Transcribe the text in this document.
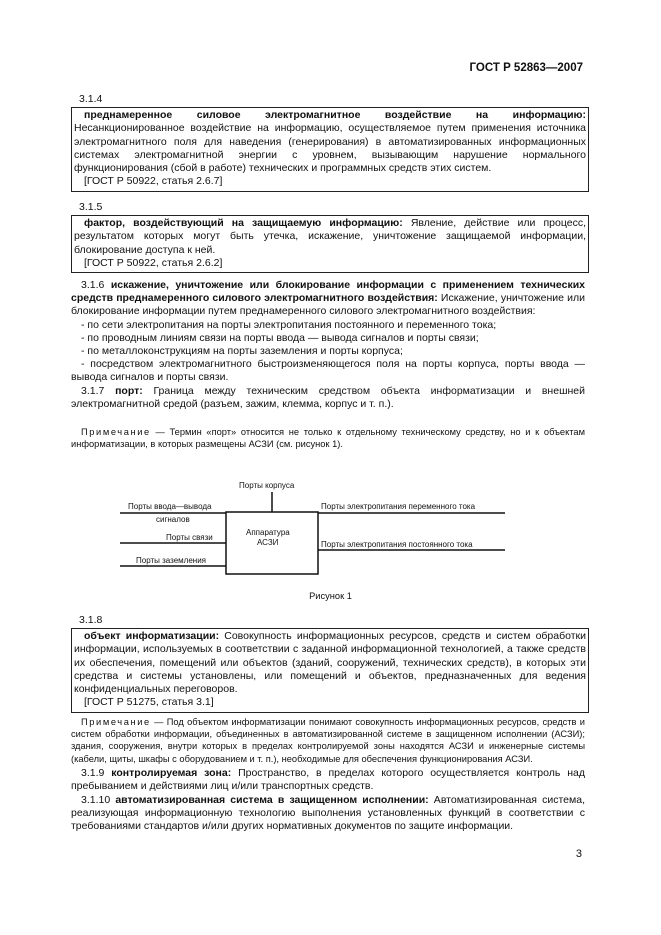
ГОСТ Р 52863—2007
3.1.4

преднамеренное силовое электромагнитное воздействие на информацию: Несанкционированное воздействие на информацию, осуществляемое путем применения источника электромагнитного поля для наведения (генерирования) в автоматизированных информационных системах электромагнитной энергии с уровнем, вызывающим нарушение нормального функционирования (сбой в работе) технических и программных средств этих систем.

[ГОСТ Р 50922, статья 2.6.7]

3.1.5

фактор, воздействующий на защищаемую информацию: Явление, действие или процесс, результатом которых могут быть утечка, искажение, уничтожение защищаемой информации, блокирование доступа к ней.

[ГОСТ Р 50922, статья 2.6.2]

3.1.6 искажение, уничтожение или блокирование информации с применением технических средств преднамеренного силового электромагнитного воздействия: Искажение, уничтожение или блокирование информации путем преднамеренного силового электромагнитного воздействия:

- по сети электропитания на порты электропитания постоянного и переменного тока;

- по проводным линиям связи на порты ввода — вывода сигналов и порты связи;

- по металлоконструкциям на порты заземления и порты корпуса;

- посредством электромагнитного быстроизменяющегося поля на порты корпуса, порты ввода — вывода сигналов и порты связи.

3.1.7 порт: Граница между техническим средством объекта информатизации и внешней электромагнитной средой (разъем, зажим, клемма, корпус и т. п.).

Примечание — Термин «порт» относится не только к отдельному техническому средству, но и к объектам информатизации, в которых размещены АСЗИ (см. рисунок 1).

Порты корпуса
Порты ввода—вывода
сигналов
Порты связи
Порты заземления
Аппаратура
АСЗИ
Порты электропитания переменного тока
Порты электропитания постоянного тока
Рисунок 1
3.1.8

объект информатизации: Совокупность информационных ресурсов, средств и систем обработки информации, используемых в соответствии с заданной информационной технологией, а также средств их обеспечения, помещений или объектов (зданий, сооружений, технических средств), в которых эти средства и системы установлены, или помещений и объектов, предназначенных для ведения конфиденциальных переговоров.

[ГОСТ Р 51275, статья 3.1]

Примечание — Под объектом информатизации понимают совокупность информационных ресурсов, средств и систем обработки информации, объединенных в автоматизированной системе в защищенном исполнении (АСЗИ); здания, сооружения, внутри которых в пределах контролируемой зоны находятся АСЗИ и инженерные системы (кабели, щиты, шкафы с оборудованием и т. п.), необходимые для обеспечения функционирования АСЗИ.

3.1.9 контролируемая зона: Пространство, в пределах которого осуществляется контроль над пребыванием и действиями лиц и/или транспортных средств.

3.1.10 автоматизированная система в защищенном исполнении: Автоматизированная система, реализующая информационную технологию выполнения установленных функций в соответствии с требованиями стандартов и/или других нормативных документов по защите информации.

3
